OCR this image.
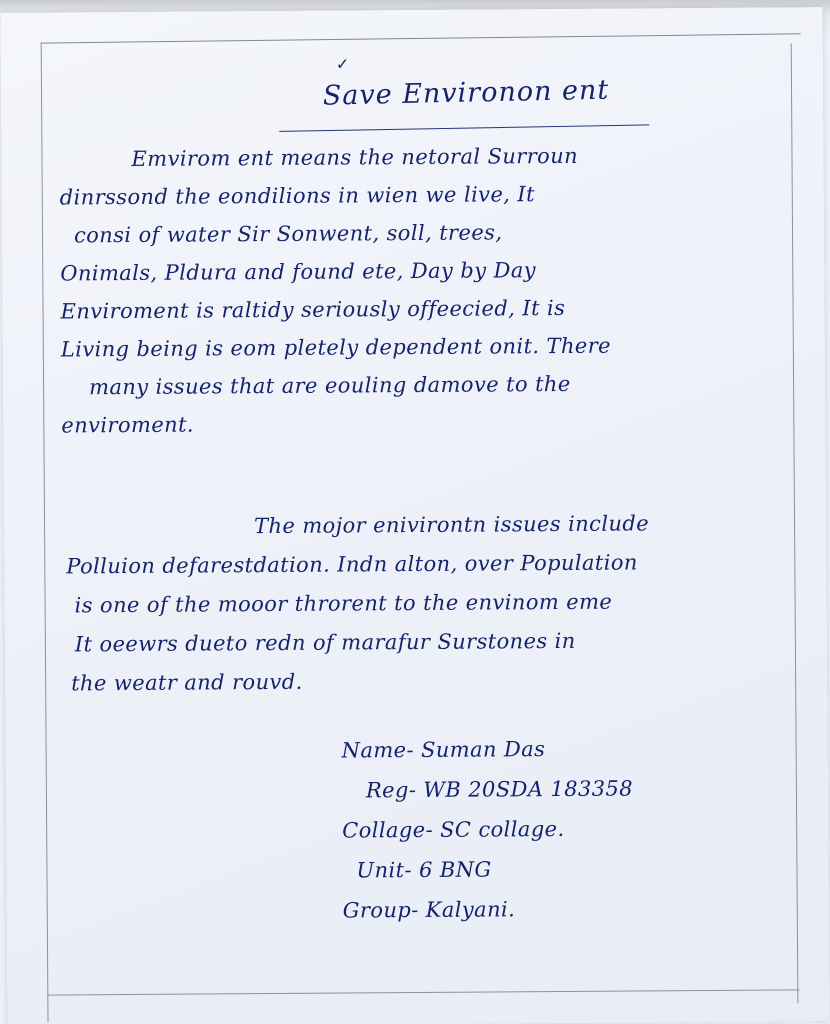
✓
Save Environon ent
Emvirom ent means the netoral Surroun
dinrssond the eondilions in wien we live, It
consi of water Sir Sonwent, soll, trees,
Onimals, Pldura and found ete, Day by Day
Enviroment is raltidy seriously offeecied, It is
Living being is eom pletely dependent onit. There
many issues that are eouling damove to the
enviroment.
The mojor enivirontn issues include
Polluion defarestdation. Indn alton, over Population
is one of the mooor throrent to the envinom eme
It oeewrs dueto redn of marafur Surstones in
the weatr and rouvd.
Name- Suman Das
Reg- WB 20SDA 183358
Collage- SC collage.
Unit- 6 BNG
Group- Kalyani.
